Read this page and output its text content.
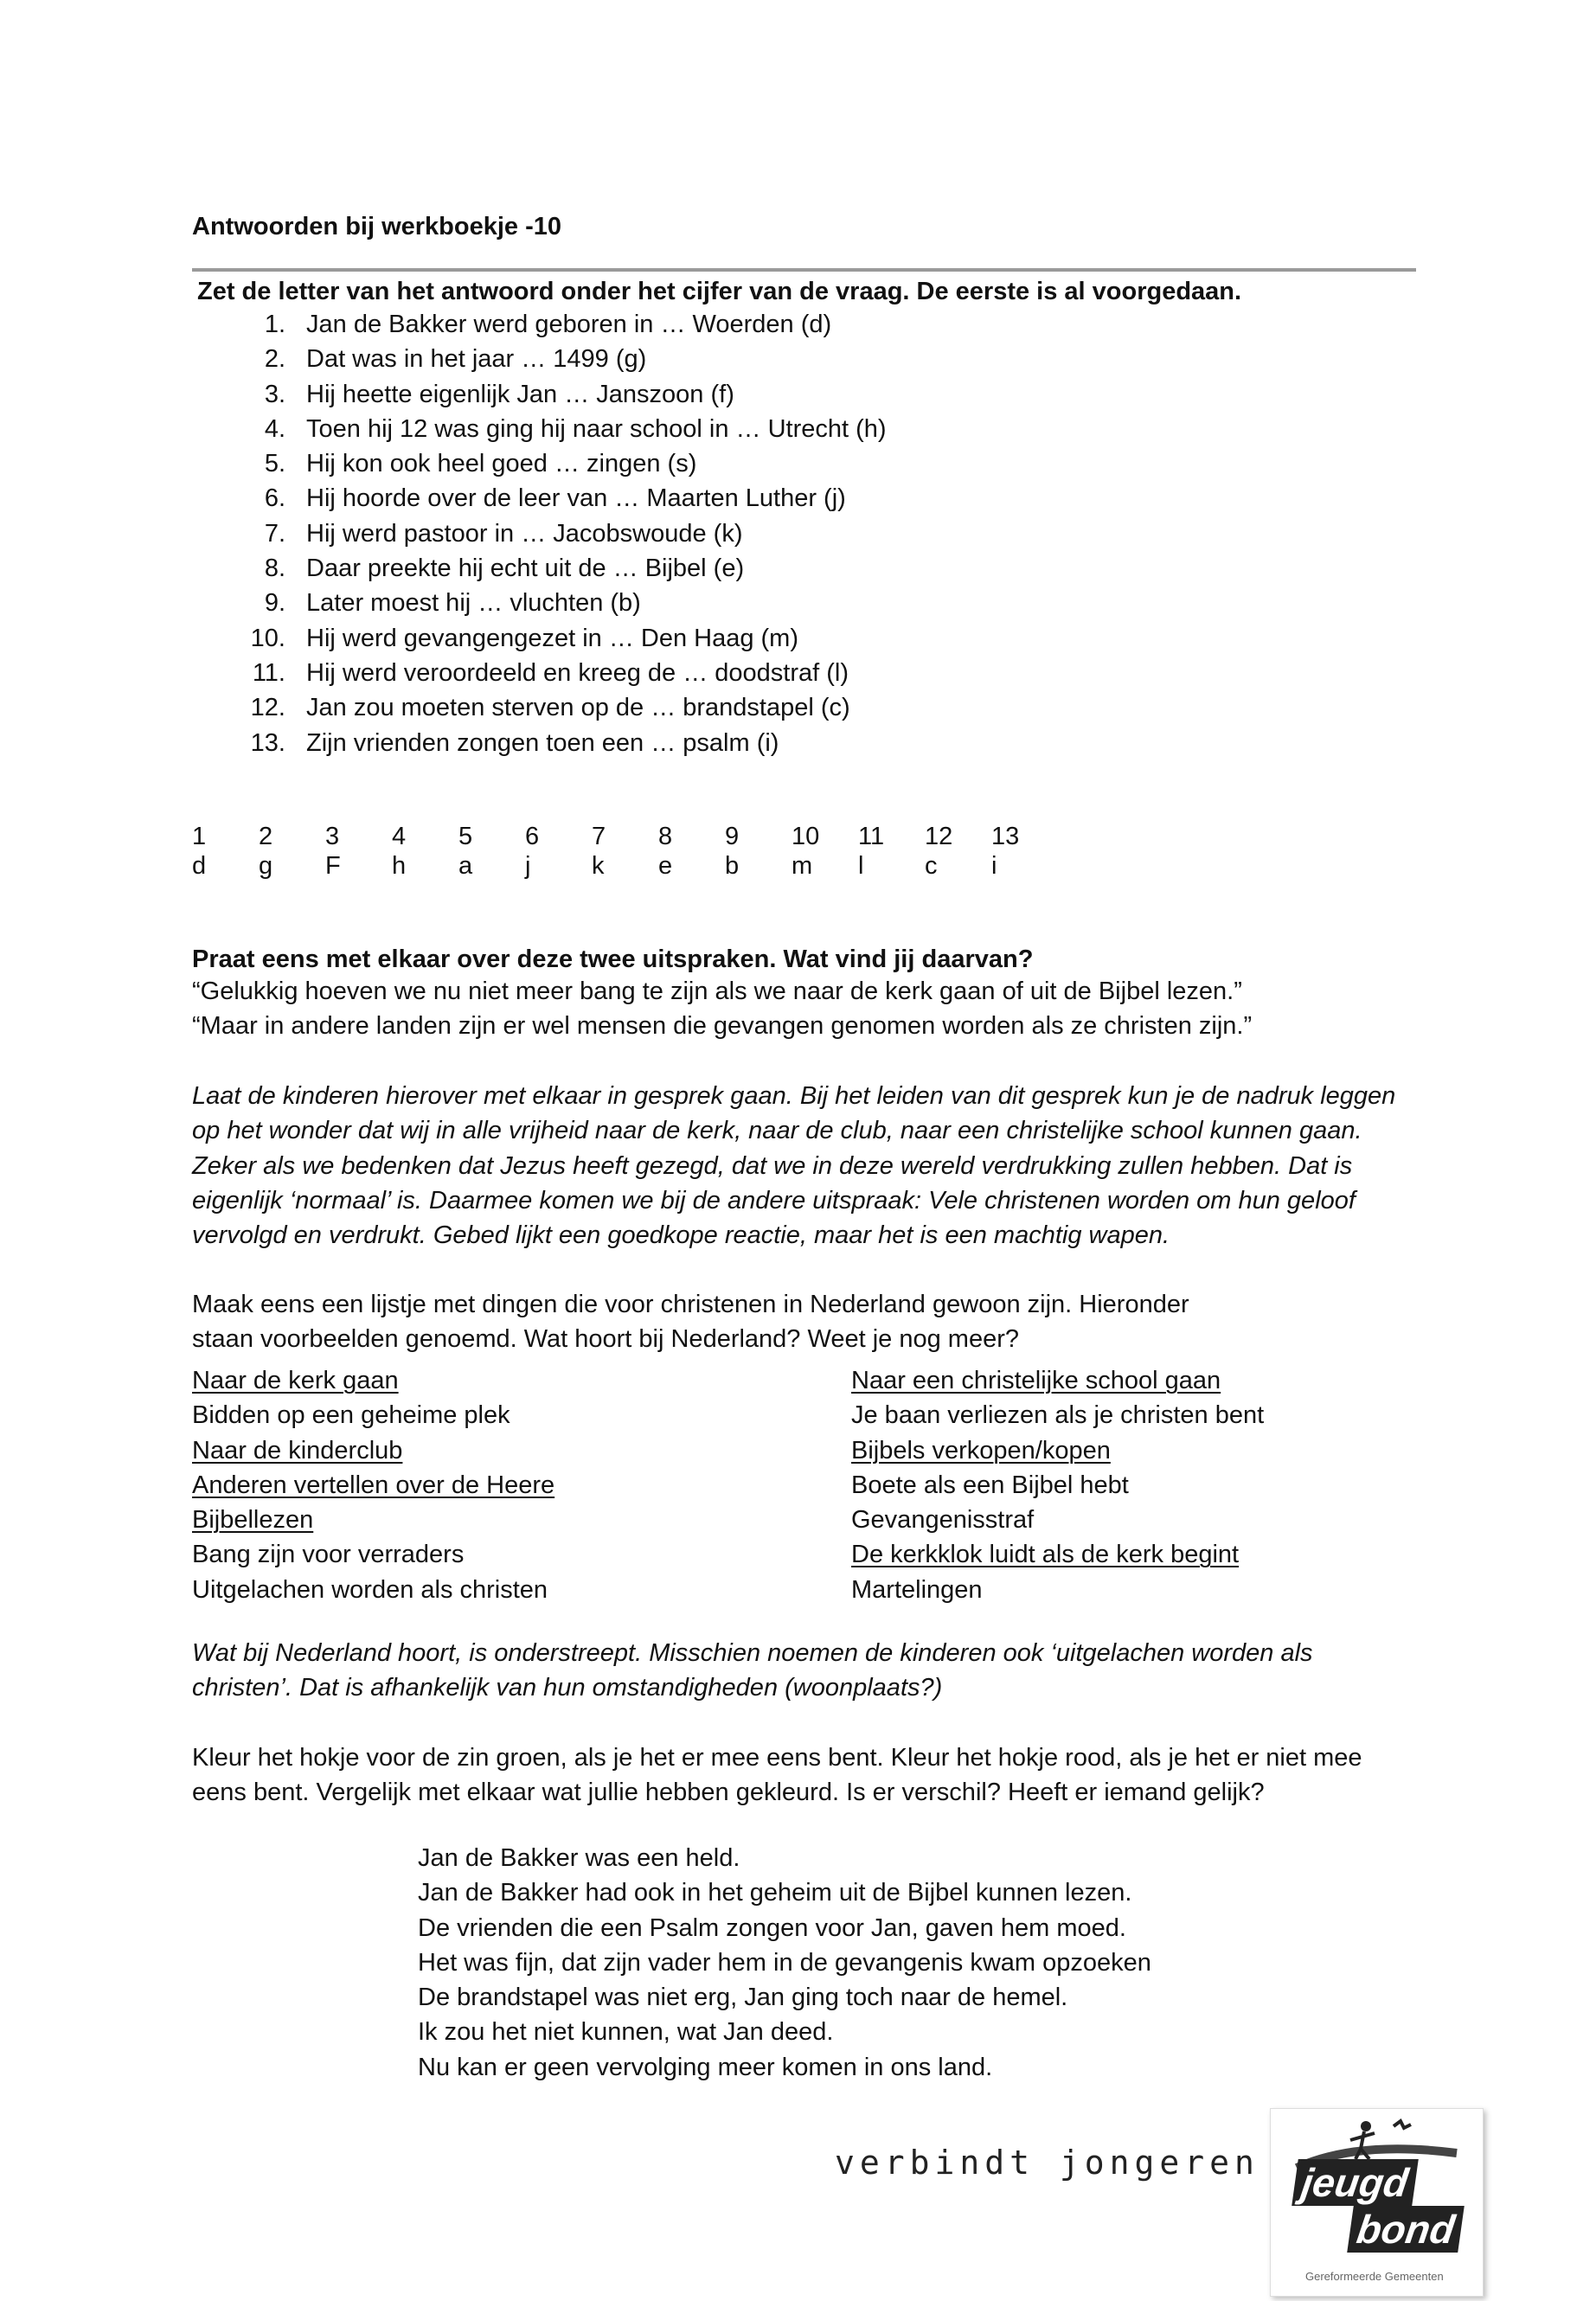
Antwoorden bij werkboekje -10
Zet de letter van het antwoord onder het cijfer van de vraag. De eerste is al voorgedaan.
1. Jan de Bakker werd geboren in … Woerden (d)
2. Dat was in het jaar … 1499 (g)
3. Hij heette eigenlijk Jan … Janszoon (f)
4. Toen hij 12 was ging hij naar school in … Utrecht (h)
5. Hij kon ook heel goed … zingen (s)
6. Hij hoorde over de leer van … Maarten Luther (j)
7. Hij werd pastoor in … Jacobswoude (k)
8. Daar preekte hij echt uit de … Bijbel (e)
9. Later moest hij … vluchten (b)
10. Hij werd gevangengezet in … Den Haag (m)
11. Hij werd veroordeeld en kreeg de … doodstraf (l)
12. Jan zou moeten sterven op de … brandstapel (c)
13. Zijn vrienden zongen toen een … psalm (i)
1	2	3	4	5	6	7	8	9	10	11	12	13
d	g	F	h	a	j	k	e	b	m	l	c	i
Praat eens met elkaar over deze twee uitspraken. Wat vind jij daarvan?

“Gelukkig hoeven we nu niet meer bang te zijn als we naar de kerk gaan of uit de Bijbel lezen.”

“Maar in andere landen zijn er wel mensen die gevangen genomen worden als ze christen zijn.”

Laat de kinderen hierover met elkaar in gesprek gaan. Bij het leiden van dit gesprek kun je de nadruk leggen

op het wonder dat wij in alle vrijheid naar de kerk, naar de club, naar een christelijke school kunnen gaan.

Zeker als we bedenken dat Jezus heeft gezegd, dat we in deze wereld verdrukking zullen hebben. Dat is

eigenlijk ‘normaal’ is. Daarmee komen we bij de andere uitspraak: Vele christenen worden om hun geloof

vervolgd en verdrukt. Gebed lijkt een goedkope reactie, maar het is een machtig wapen.

Maak eens een lijstje met dingen die voor christenen in Nederland gewoon zijn. Hieronder

staan voorbeelden genoemd. Wat hoort bij Nederland? Weet je nog meer?

Naar de kerk gaan	Naar een christelijke school gaan
Bidden op een geheime plek	Je baan verliezen als je christen bent
Naar de kinderclub	Bijbels verkopen/kopen
Anderen vertellen over de Heere	Boete als een Bijbel hebt
Bijbellezen	Gevangenisstraf
Bang zijn voor verraders	De kerkklok luidt als de kerk begint
Uitgelachen worden als christen	Martelingen

Wat bij Nederland hoort, is onderstreept. Misschien noemen de kinderen ook ‘uitgelachen worden als

christen’. Dat is afhankelijk van hun omstandigheden (woonplaats?)

Kleur het hokje voor de zin groen, als je het er mee eens bent. Kleur het hokje rood, als je het er niet mee

eens bent. Vergelijk met elkaar wat jullie hebben gekleurd. Is er verschil? Heeft er iemand gelijk?

Jan de Bakker was een held.
Jan de Bakker had ook in het geheim uit de Bijbel kunnen lezen.
De vrienden die een Psalm zongen voor Jan, gaven hem moed.
Het was fijn, dat zijn vader hem in de gevangenis kwam opzoeken
De brandstapel was niet erg, Jan ging toch naar de hemel.
Ik zou het niet kunnen, wat Jan deed.
Nu kan er geen vervolging meer komen in ons land.
verbindt jongeren jeugd
bond
Gereformeerde Gemeenten
